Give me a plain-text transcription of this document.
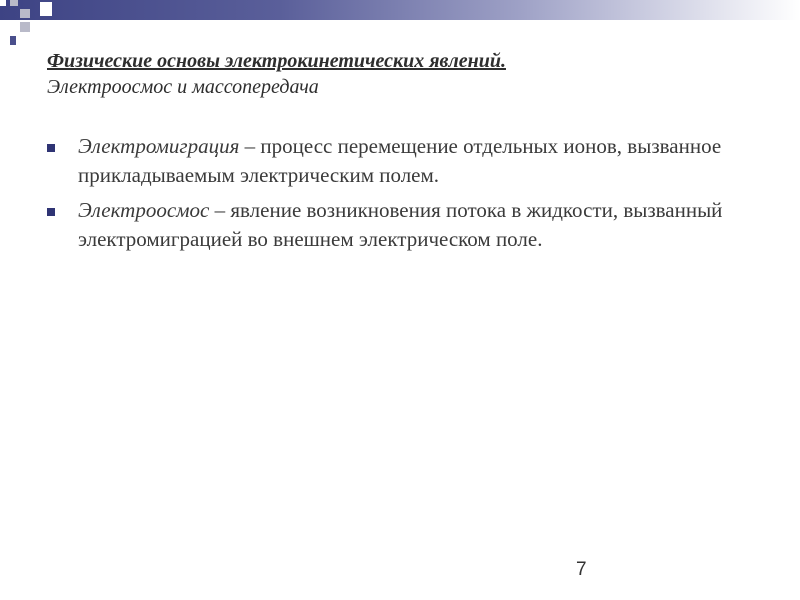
Физические основы электрокинетических явлений.
Электроосмос и массопередача
Электромиграция – процесс перемещение отдельных ионов, вызванное прикладываемым электрическим полем.
Электроосмос – явление возникновения потока в жидкости, вызванный электромиграцией во внешнем электрическом поле.
7
